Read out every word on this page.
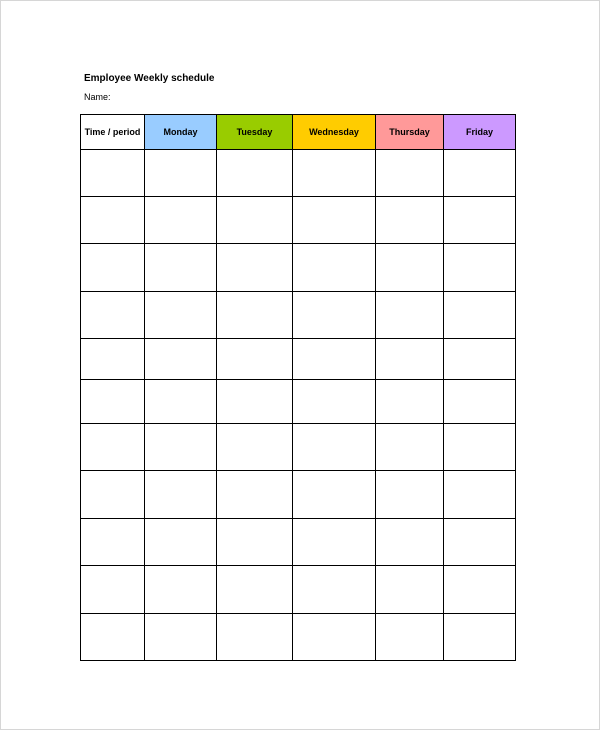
Employee Weekly schedule
Name:
Time / period	Monday	Tuesday	Wednesday	Thursday	Friday
